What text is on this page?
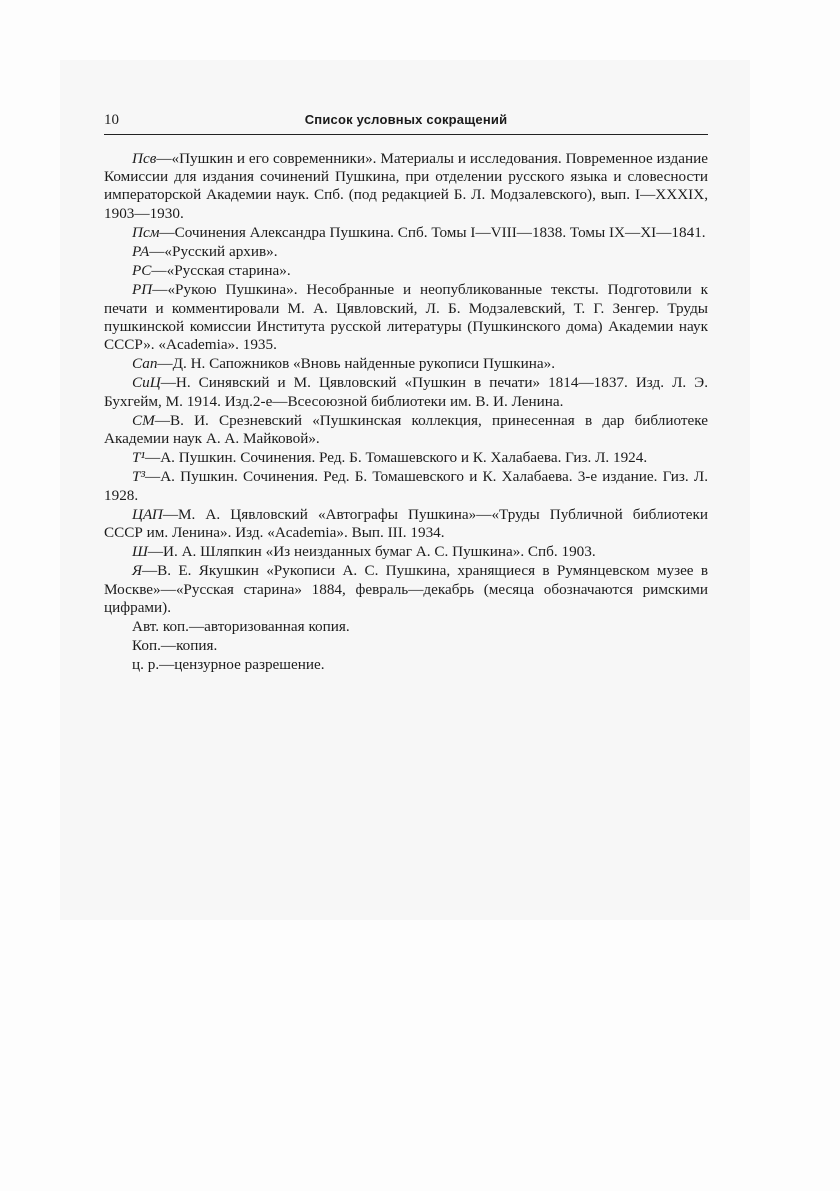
10	Список условных сокращений

Псв—«Пушкин и его современники». Материалы и исследования. Повременное издание Комиссии для издания сочинений Пушкина, при отделении русского языка и словесности императорской Академии наук. Спб. (под редакцией Б. Л. Модзалевского), вып. I—XXXIX, 1903—1930.

Псм—Сочинения Александра Пушкина. Спб. Томы I—VIII—1838. Томы IX—XI—1841.

РА—«Русский архив».

РС—«Русская старина».

РП—«Рукою Пушкина». Несобранные и неопубликованные тексты. Подготовили к печати и комментировали М. А. Цявловский, Л. Б. Модзалевский, Т. Г. Зенгер. Труды пушкинской комиссии Института русской литературы (Пушкинского дома) Академии наук СССР». «Academia». 1935.

Сап—Д. Н. Сапожников «Вновь найденные рукописи Пушкина».

СиЦ—Н. Синявский и М. Цявловский «Пушкин в печати» 1814—1837. Изд. Л. Э. Бухгейм, М. 1914. Изд.2-е—Всесоюзной библиотеки им. В. И. Ленина.

СМ—В. И. Срезневский «Пушкинская коллекция, принесенная в дар библиотеке Академии наук А. А. Майковой».

Т¹—А. Пушкин. Сочинения. Ред. Б. Томашевского и К. Халабаева. Гиз. Л. 1924.

Т³—А. Пушкин. Сочинения. Ред. Б. Томашевского и К. Халабаева. 3-е издание. Гиз. Л. 1928.

ЦАП—М. А. Цявловский «Автографы Пушкина»—«Труды Публичной библиотеки СССР им. Ленина». Изд. «Academia». Вып. III. 1934.

Ш—И. А. Шляпкин «Из неизданных бумаг А. С. Пушкина». Спб. 1903.

Я—В. Е. Якушкин «Рукописи А. С. Пушкина, хранящиеся в Румянцевском музее в Москве»—«Русская старина» 1884, февраль—декабрь (месяца обозначаются римскими цифрами).

Авт. коп.—авторизованная копия.

Коп.—копия.

ц. р.—цензурное разрешение.
